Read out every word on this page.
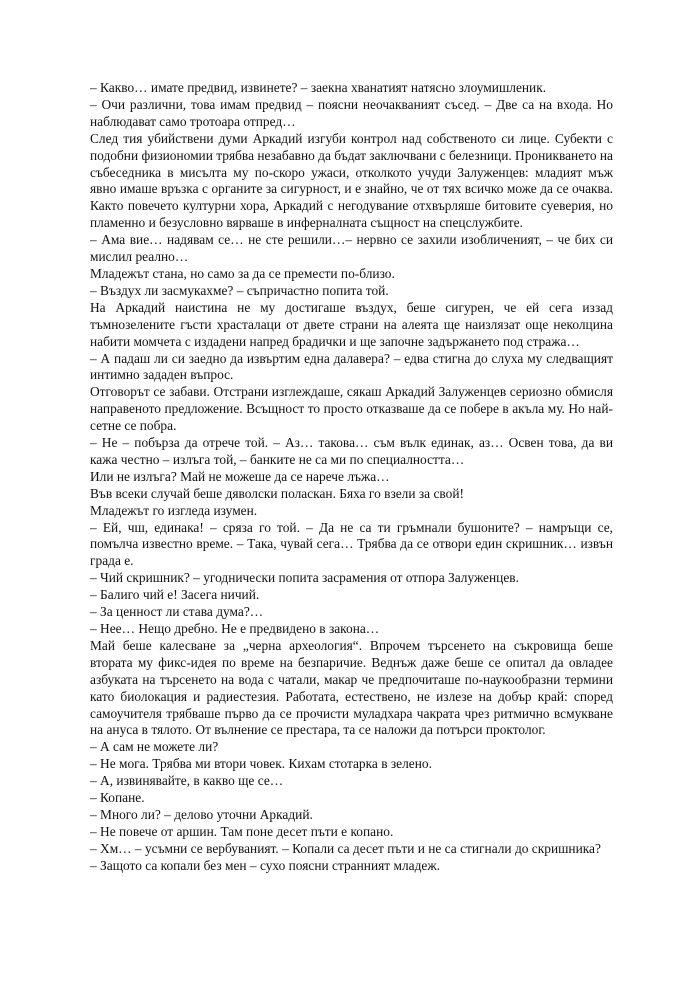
– Какво… имате предвид, извинете? – заекна хванатият натясно злоумишленик.

– Очи различни, това имам предвид – поясни неочакваният съсед. – Две са на входа. Но наблюдават само тротоара отпред…

След тия убийствени думи Аркадий изгуби контрол над собственото си лице. Субекти с подобни физиономии трябва незабавно да бъдат заключвани с белезници. Проникването на събеседника в мисълта му по-скоро ужаси, отколкото учуди Залуженцев: младият мъж явно имаше връзка с органите за сигурност, и е знайно, че от тях всичко може да се очаква. Както повечето културни хора, Аркадий с негодувание отхвърляше битовите суеверия, но пламенно и безусловно вярваше в инферналната същност на спецслужбите.

– Ама вие… надявам се… не сте решили…– нервно се захили изобличеният, – че бих си мислил реално…

Младежът стана, но само за да се премести по-близо.

– Въздух ли засмукахме? – съпричастно попита той.

На Аркадий наистина не му достигаше въздух, беше сигурен, че ей сега иззад тъмнозелените гъсти храсталаци от двете страни на алеята ще наизлязат още неколцина набити момчета с издадени напред брадички и ще започне задържането под стража…

– А падаш ли си заедно да извъртим една далавера? – едва стигна до слуха му следващият интимно зададен въпрос.

Отговорът се забави. Отстрани изглеждаше, сякаш Аркадий Залуженцев сериозно обмисля направеното предложение. Всъщност то просто отказваше да се побере в акъла му. Но най-сетне се побра.

– Не – побърза да отрече той. – Аз… такова… съм вълк единак, аз… Освен това, да ви кажа честно – излъга той, – банките не са ми по специалността…

Или не излъга? Май не можеше да се нарече лъжа…

Във всеки случай беше дяволски поласкан. Бяха го взели за свой!

Младежът го изгледа изумен.

– Ей, чш, единака! – сряза го той. – Да не са ти гръмнали бушоните? – намръщи се, помълча известно време. – Така, чувай сега… Трябва да се отвори един скришник… извън града е.

– Чий скришник? – угоднически попита засрамения от отпора Залуженцев.

– Балиго чий е! Засега ничий.

– За ценност ли става дума?…

– Нее… Нещо дребно. Не е предвидено в закона…

Май беше калесване за „черна археология“. Впрочем търсенето на съкровища беше втората му фикс-идея по време на безпаричие. Веднъж даже беше се опитал да овладее азбуката на търсенето на вода с чатали, макар че предпочиташе по-наукообразни термини като биолокация и радиестезия. Работата, естествено, не излезе на добър край: според самоучителя трябваше първо да се прочисти муладхара чакрата чрез ритмично всмукване на ануса в тялото. От вълнение се престара, та се наложи да потърси проктолог.

– А сам не можете ли?

– Не мога. Трябва ми втори човек. Кихам стотарка в зелено.

– А, извинявайте, в какво ще се…

– Копане.

– Много ли? – делово уточни Аркадий.

– Не повече от аршин. Там поне десет пъти е копано.

– Хм… – усъмни се вербуваният. – Копали са десет пъти и не са стигнали до скришника?

– Защото са копали без мен – сухо поясни странният младеж.
